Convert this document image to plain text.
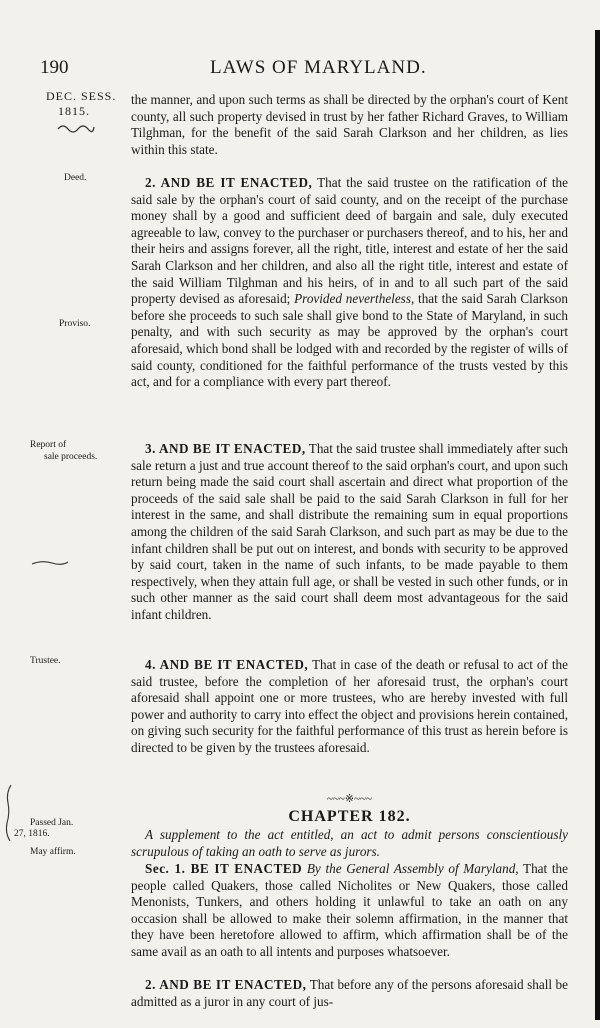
190	LAWS OF MARYLAND.
DEC. SESS.
1815.
Deed.
Proviso.
Report of
sale proceeds.
Trustee.
Passed Jan.
27, 1816.
May affirm.

the manner, and upon such terms as shall be directed by the orphan's court of Kent county, all such property devised in trust by her father Richard Graves, to William Tilghman, for the benefit of the said Sarah Clarkson and her children, as lies within this state.

2. AND BE IT ENACTED, That the said trustee on the ratification of the said sale by the orphan's court of said county, and on the receipt of the purchase money shall by a good and sufficient deed of bargain and sale, duly executed agreeable to law, convey to the purchaser or purchasers thereof, and to his, her and their heirs and assigns forever, all the right, title, interest and estate of her the said Sarah Clarkson and her children, and also all the right title, interest and estate of the said William Tilghman and his heirs, of in and to all such part of the said property devised as aforesaid; Provided nevertheless, that the said Sarah Clarkson before she proceeds to such sale shall give bond to the State of Maryland, in such penalty, and with such security as may be approved by the orphan's court aforesaid, which bond shall be lodged with and recorded by the register of wills of said county, conditioned for the faithful performance of the trusts vested by this act, and for a compliance with every part thereof.

3. AND BE IT ENACTED, That the said trustee shall immediately after such sale return a just and true account thereof to the said orphan's court, and upon such return being made the said court shall ascertain and direct what proportion of the proceeds of the said sale shall be paid to the said Sarah Clarkson in full for her interest in the same, and shall distribute the remaining sum in equal proportions among the children of the said Sarah Clarkson, and such part as may be due to the infant children shall be put out on interest, and bonds with security to be approved by said court, taken in the name of such infants, to be made payable to them respectively, when they attain full age, or shall be vested in such other funds, or in such other manner as the said court shall deem most advantageous for the said infant children.

4. AND BE IT ENACTED, That in case of the death or refusal to act of the said trustee, before the completion of her aforesaid trust, the orphan's court aforesaid shall appoint one or more trustees, who are hereby invested with full power and authority to carry into effect the object and provisions herein contained, on giving such security for the faithful performance of this trust as herein before is directed to be given by the trustees aforesaid.

~~~※~~~
CHAPTER 182.

A supplement to the act entitled, an act to admit persons conscientiously scrupulous of taking an oath to serve as jurors.

Sec. 1. BE IT ENACTED By the General Assembly of Maryland, That the people called Quakers, those called Nicholites or New Quakers, those called Menonists, Tunkers, and others holding it unlawful to take an oath on any occasion shall be allowed to make their solemn affirmation, in the manner that they have been heretofore allowed to affirm, which affirmation shall be of the same avail as an oath to all intents and purposes whatsoever.

2. AND BE IT ENACTED, That before any of the persons aforesaid shall be admitted as a juror in any court of jus-
